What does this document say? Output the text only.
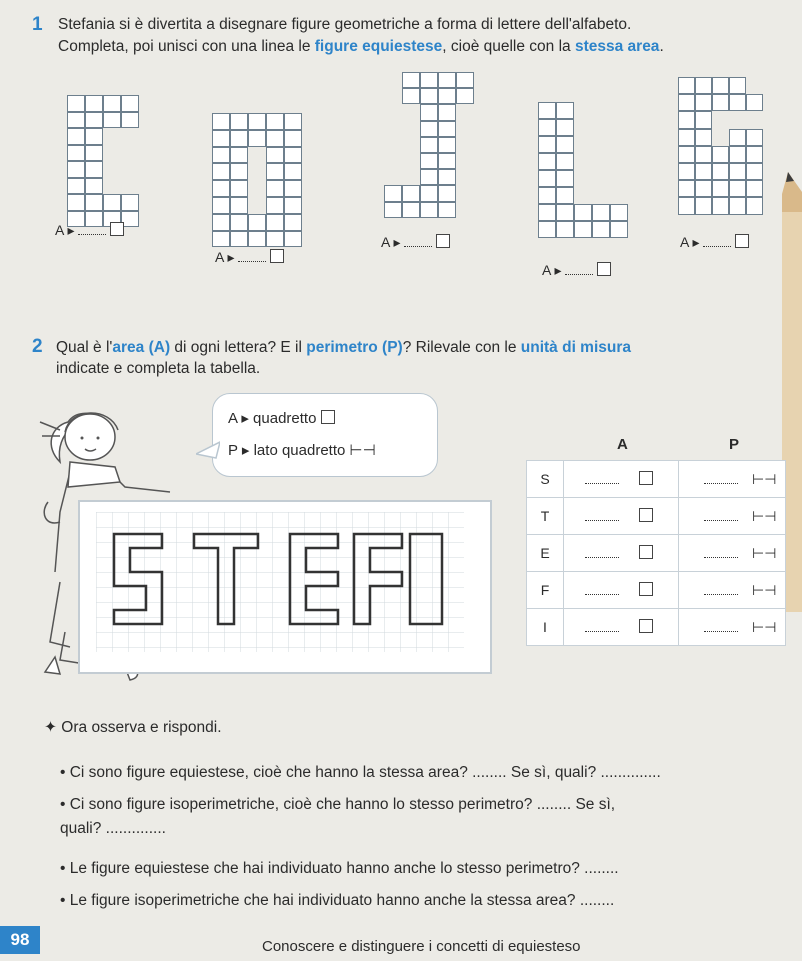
1 Stefania si è divertita a disegnare figure geometriche a forma di lettere dell'alfabeto.
Completa, poi unisci con una linea le figure equiestese, cioè quelle con la stessa area.
A ▸
A ▸
A ▸
A ▸
A ▸
2 Qual è l'area (A) di ogni lettera? E il perimetro (P)? Rilevale con le unità di misura
indicate e completa la tabella.
A ▸ quadretto
P ▸ lato quadretto ⊢⊣	A	P
S		⊢⊣
T		⊢⊣
E		⊢⊣
F		⊢⊣
I		⊢⊣
✦ Ora osserva e rispondi.
• Ci sono figure equiestese, cioè che hanno la stessa area? ........ Se sì, quali? ..............
• Ci sono figure isoperimetriche, cioè che hanno lo stesso perimetro? ........ Se sì,
quali? ..............
• Le figure equiestese che hai individuato hanno anche lo stesso perimetro? ........
• Le figure isoperimetriche che hai individuato hanno anche la stessa area? ........
98	Conoscere e distinguere i concetti di equiesteso
